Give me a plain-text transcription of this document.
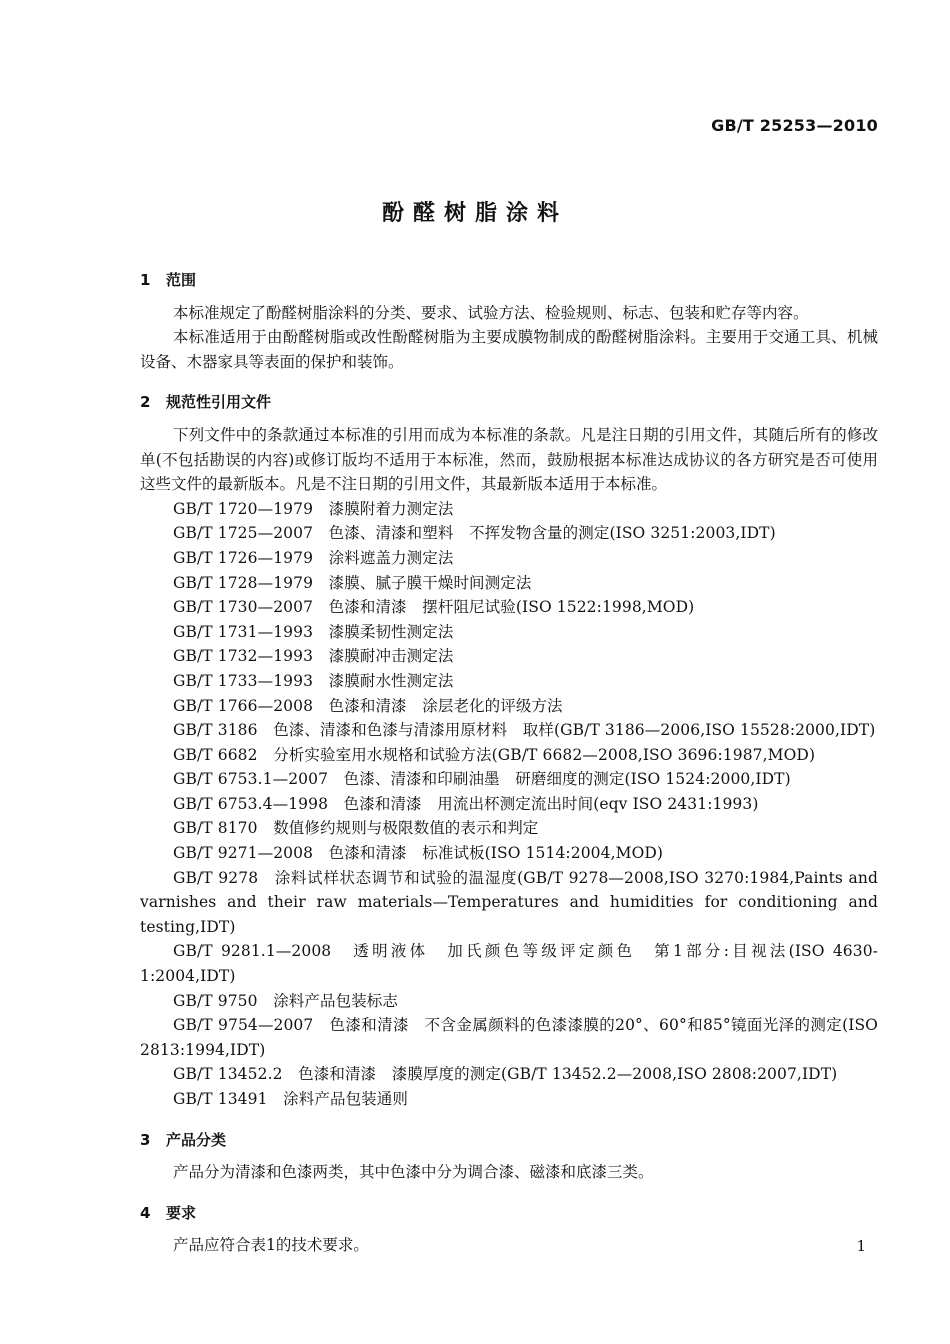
GB/T 25253—2010
酚醛树脂涂料
1 范围

本标准规定了酚醛树脂涂料的分类、要求、试验方法、检验规则、标志、包装和贮存等内容。

本标准适用于由酚醛树脂或改性酚醛树脂为主要成膜物制成的酚醛树脂涂料。主要用于交通工具、机械设备、木器家具等表面的保护和装饰。

2 规范性引用文件

下列文件中的条款通过本标准的引用而成为本标准的条款。凡是注日期的引用文件，其随后所有的修改单(不包括勘误的内容)或修订版均不适用于本标准，然而，鼓励根据本标准达成协议的各方研究是否可使用这些文件的最新版本。凡是不注日期的引用文件，其最新版本适用于本标准。

GB/T 1720—1979　漆膜附着力测定法

GB/T 1725—2007　色漆、清漆和塑料　不挥发物含量的测定(ISO 3251:2003,IDT)

GB/T 1726—1979　涂料遮盖力测定法

GB/T 1728—1979　漆膜、腻子膜干燥时间测定法

GB/T 1730—2007　色漆和清漆　摆杆阻尼试验(ISO 1522:1998,MOD)

GB/T 1731—1993　漆膜柔韧性测定法

GB/T 1732—1993　漆膜耐冲击测定法

GB/T 1733—1993　漆膜耐水性测定法

GB/T 1766—2008　色漆和清漆　涂层老化的评级方法

GB/T 3186　色漆、清漆和色漆与清漆用原材料　取样(GB/T 3186—2006,ISO 15528:2000,IDT)

GB/T 6682　分析实验室用水规格和试验方法(GB/T 6682—2008,ISO 3696:1987,MOD)

GB/T 6753.1—2007　色漆、清漆和印刷油墨　研磨细度的测定(ISO 1524:2000,IDT)

GB/T 6753.4—1998　色漆和清漆　用流出杯测定流出时间(eqv ISO 2431:1993)

GB/T 8170　数值修约规则与极限数值的表示和判定

GB/T 9271—2008　色漆和清漆　标准试板(ISO 1514:2004,MOD)

GB/T 9278　涂料试样状态调节和试验的温湿度(GB/T 9278—2008,ISO 3270:1984,Paints and varnishes and their raw materials—Temperatures and humidities for conditioning and testing,IDT)

GB/T 9281.1—2008　透明液体　加氏颜色等级评定颜色　第1部分:目视法(ISO 4630-1:2004,IDT)

GB/T 9750　涂料产品包装标志

GB/T 9754—2007　色漆和清漆　不含金属颜料的色漆漆膜的20°、60°和85°镜面光泽的测定(ISO 2813:1994,IDT)

GB/T 13452.2　色漆和清漆　漆膜厚度的测定(GB/T 13452.2—2008,ISO 2808:2007,IDT)

GB/T 13491　涂料产品包装通则

3 产品分类

产品分为清漆和色漆两类，其中色漆中分为调合漆、磁漆和底漆三类。

4 要求

产品应符合表1的技术要求。	1
